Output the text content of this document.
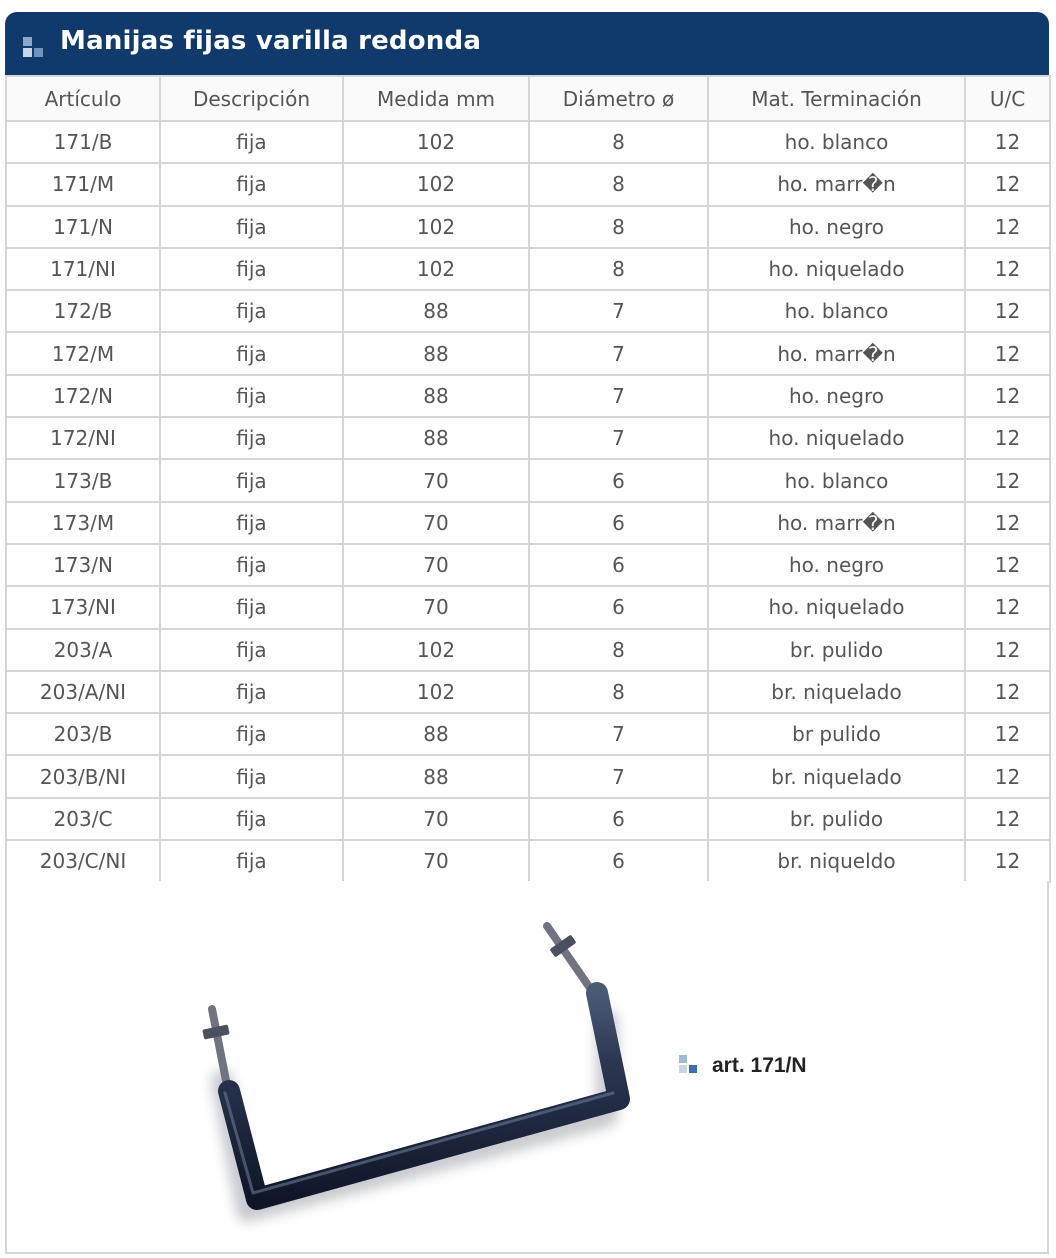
Manijas fijas varilla redonda
Artículo	Descripción	Medida mm	Diámetro ø	Mat. Terminación	U/C
171/B	fija	102	8	ho. blanco	12
171/M	fija	102	8	ho. marr�n	12
171/N	fija	102	8	ho. negro	12
171/NI	fija	102	8	ho. niquelado	12
172/B	fija	88	7	ho. blanco	12
172/M	fija	88	7	ho. marr�n	12
172/N	fija	88	7	ho. negro	12
172/NI	fija	88	7	ho. niquelado	12
173/B	fija	70	6	ho. blanco	12
173/M	fija	70	6	ho. marr�n	12
173/N	fija	70	6	ho. negro	12
173/NI	fija	70	6	ho. niquelado	12
203/A	fija	102	8	br. pulido	12
203/A/NI	fija	102	8	br. niquelado	12
203/B	fija	88	7	br pulido	12
203/B/NI	fija	88	7	br. niquelado	12
203/C	fija	70	6	br. pulido	12
203/C/NI	fija	70	6	br. niqueldo	12
art. 171/N
